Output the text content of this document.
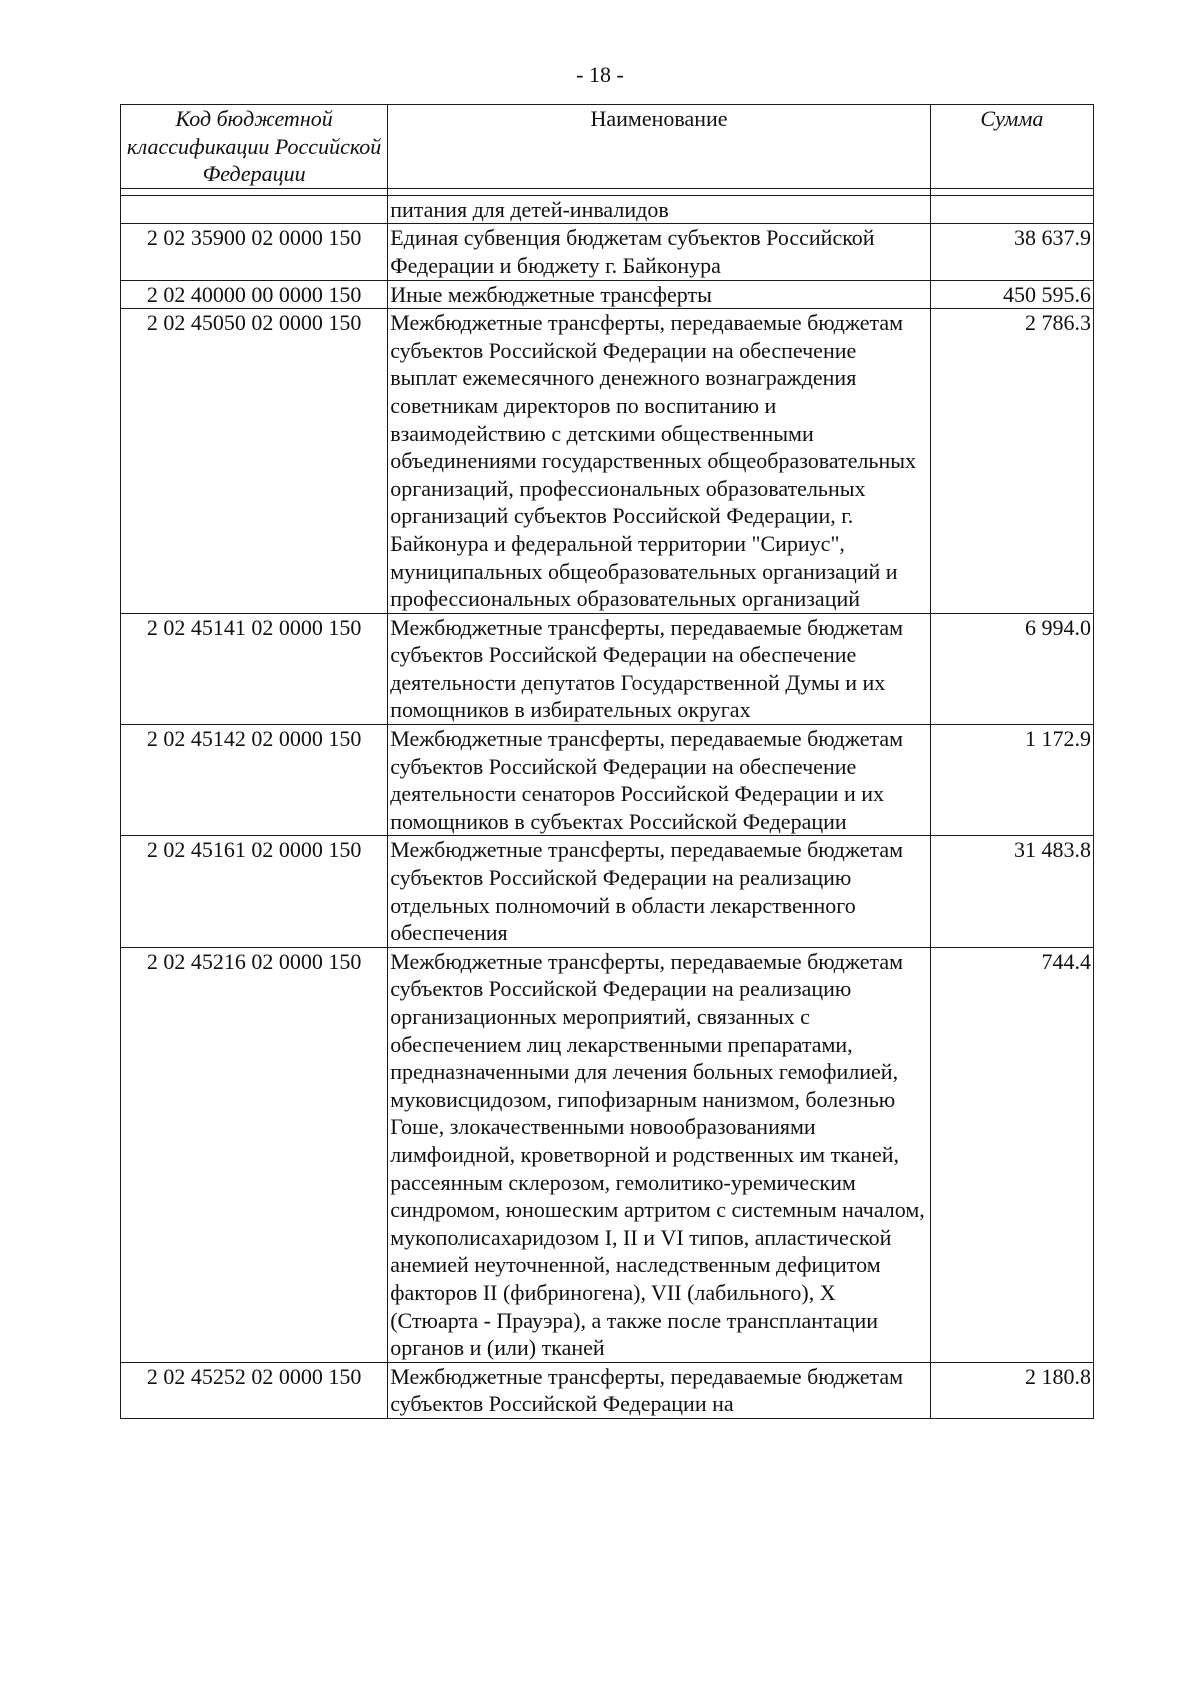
- 18 -
Код бюджетной классификации Российской Федерации	Наименование	Сумма

	питания для детей-инвалидов	
2 02 35900 02 0000 150	Единая субвенция бюджетам субъектов Российской Федерации и бюджету г. Байконура	38 637.9
2 02 40000 00 0000 150	Иные межбюджетные трансферты	450 595.6
2 02 45050 02 0000 150	Межбюджетные трансферты, передаваемые бюджетам субъектов Российской Федерации на обеспечение выплат ежемесячного денежного вознаграждения советникам директоров по воспитанию и взаимодействию с детскими общественными объединениями государственных общеобразовательных организаций, профессиональных образовательных организаций субъектов Российской Федерации, г. Байконура и федеральной территории "Сириус", муниципальных общеобразовательных организаций и профессиональных образовательных организаций	2 786.3
2 02 45141 02 0000 150	Межбюджетные трансферты, передаваемые бюджетам субъектов Российской Федерации на обеспечение деятельности депутатов Государственной Думы и их помощников в избирательных округах	6 994.0
2 02 45142 02 0000 150	Межбюджетные трансферты, передаваемые бюджетам субъектов Российской Федерации на обеспечение деятельности сенаторов Российской Федерации и их помощников в субъектах Российской Федерации	1 172.9
2 02 45161 02 0000 150	Межбюджетные трансферты, передаваемые бюджетам субъектов Российской Федерации на реализацию отдельных полномочий в области лекарственного обеспечения	31 483.8
2 02 45216 02 0000 150	Межбюджетные трансферты, передаваемые бюджетам субъектов Российской Федерации на реализацию организационных мероприятий, связанных с обеспечением лиц лекарственными препаратами, предназначенными для лечения больных гемофилией, муковисцидозом, гипофизарным нанизмом, болезнью Гоше, злокачественными новообразованиями лимфоидной, кроветворной и родственных им тканей, рассеянным склерозом, гемолитико-уремическим синдромом, юношеским артритом с системным началом, мукополисахаридозом I, II и VI типов, апластической анемией неуточненной, наследственным дефицитом факторов II (фибриногена), VII (лабильного), X (Стюарта - Прауэра), а также после трансплантации органов и (или) тканей	744.4
2 02 45252 02 0000 150	Межбюджетные трансферты, передаваемые бюджетам субъектов Российской Федерации на	2 180.8
